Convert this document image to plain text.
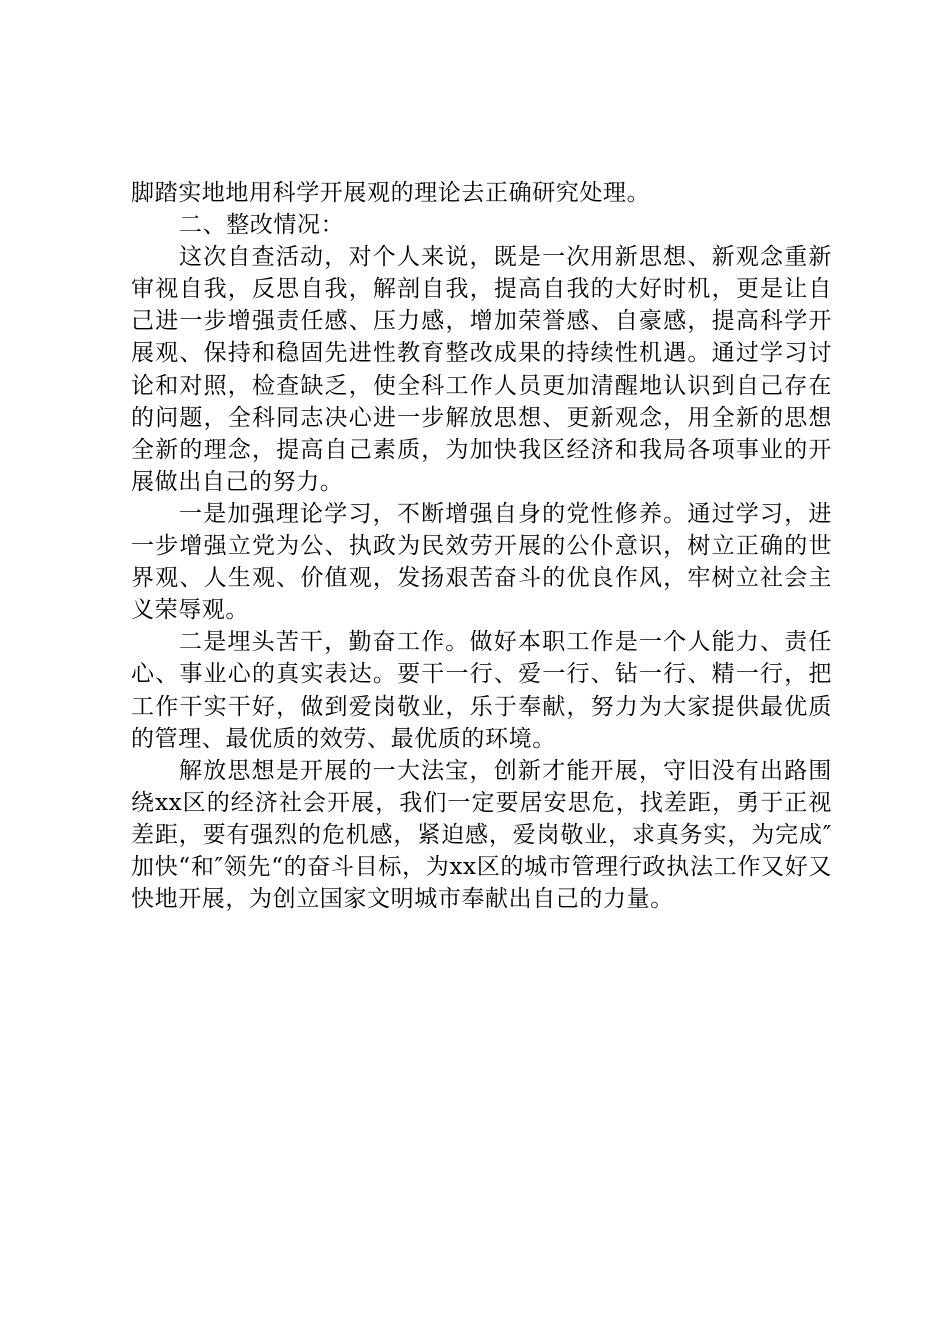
脚踏实地地用科学开展观的理论去正确研究处理。

二、整改情况：

这次自查活动，对个人来说，既是一次用新思想、新观念重新审视自我，反思自我，解剖自我，提高自我的大好时机，更是让自己进一步增强责任感、压力感，增加荣誉感、自豪感，提高科学开展观、保持和稳固先进性教育整改成果的持续性机遇。通过学习讨论和对照，检查缺乏，使全科工作人员更加清醒地认识到自己存在的问题，全科同志决心进一步解放思想、更新观念，用全新的思想全新的理念，提高自己素质，为加快我区经济和我局各项事业的开展做出自己的努力。

一是加强理论学习，不断增强自身的党性修养。通过学习，进一步增强立党为公、执政为民效劳开展的公仆意识，树立正确的世界观、人生观、价值观，发扬艰苦奋斗的优良作风，牢树立社会主义荣辱观。

二是埋头苦干，勤奋工作。做好本职工作是一个人能力、责任心、事业心的真实表达。要干一行、爱一行、钻一行、精一行，把工作干实干好，做到爱岗敬业，乐于奉献，努力为大家提供最优质的管理、最优质的效劳、最优质的环境。

解放思想是开展的一大法宝，创新才能开展，守旧没有出路围绕xx区的经济社会开展，我们一定要居安思危，找差距，勇于正视差距，要有强烈的危机感，紧迫感，爱岗敬业，求真务实，为完成″加快“和″领先“的奋斗目标，为xx区的城市管理行政执法工作又好又快地开展，为创立国家文明城市奉献出自己的力量。
